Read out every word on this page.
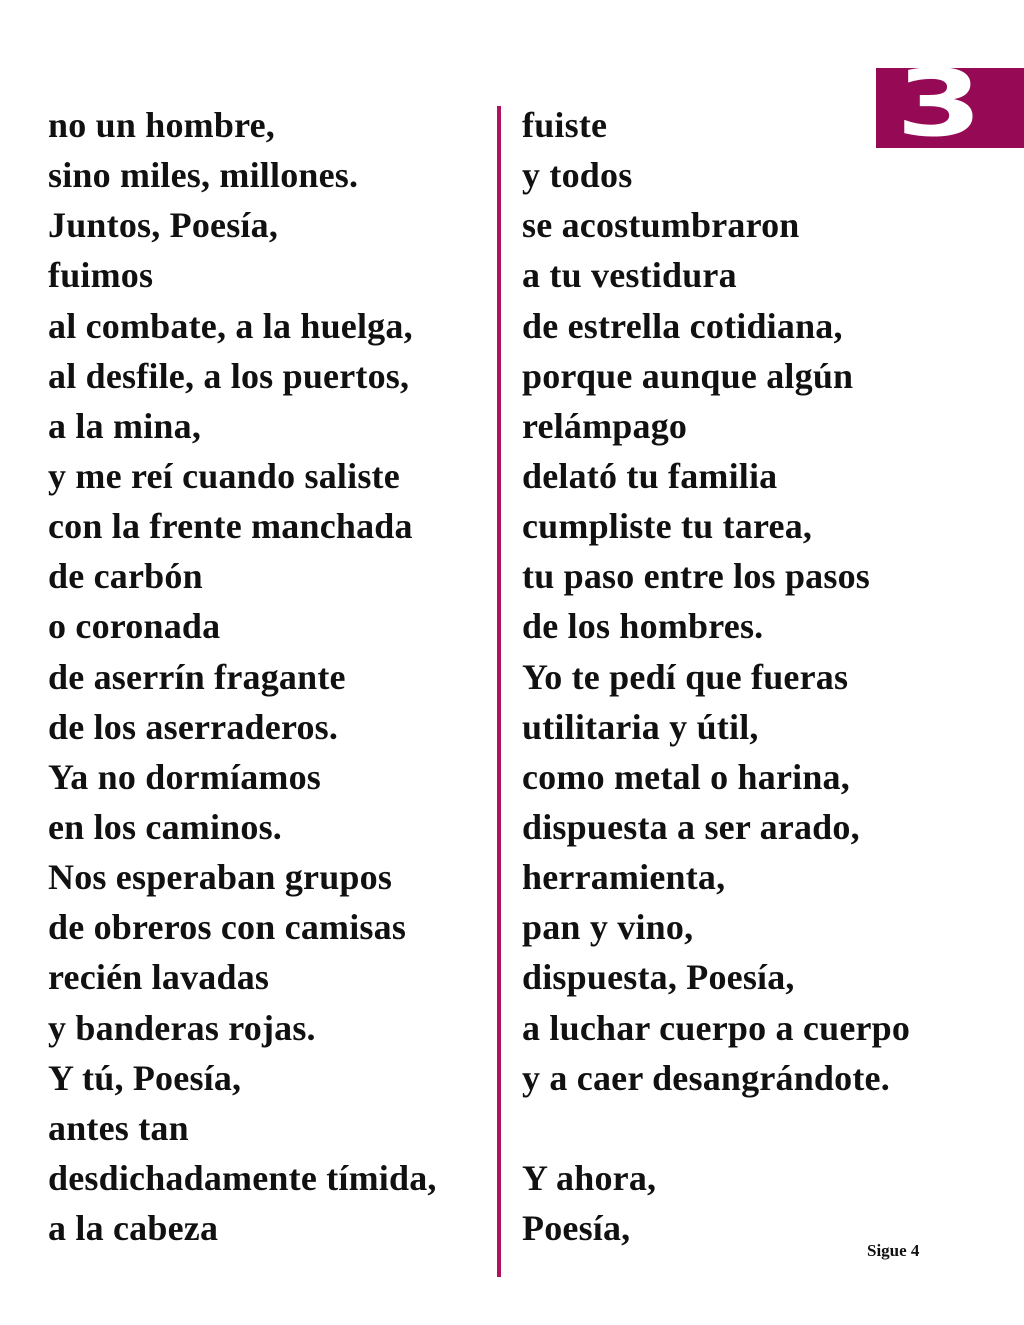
3
no un hombre,
sino miles, millones.
Juntos, Poesía,
fuimos
al combate, a la huelga,
al desfile, a los puertos,
a la mina,
y me reí cuando saliste
con la frente manchada
de carbón
o coronada
de aserrín fragante
de los aserraderos.
Ya no dormíamos
en los caminos.
Nos esperaban grupos
de obreros con camisas
recién lavadas
y banderas rojas.
Y tú, Poesía,
antes tan
desdichadamente tímida,
a la cabeza
fuiste
y todos
se acostumbraron
a tu vestidura
de estrella cotidiana,
porque aunque algún
relámpago
delató tu familia
cumpliste tu tarea,
tu paso entre los pasos
de los hombres.
Yo te pedí que fueras
utilitaria y útil,
como metal o harina,
dispuesta a ser arado,
herramienta,
pan y vino,
dispuesta, Poesía,
a luchar cuerpo a cuerpo
y a caer desangrándote.
Y ahora,
Poesía,
Sigue 4
